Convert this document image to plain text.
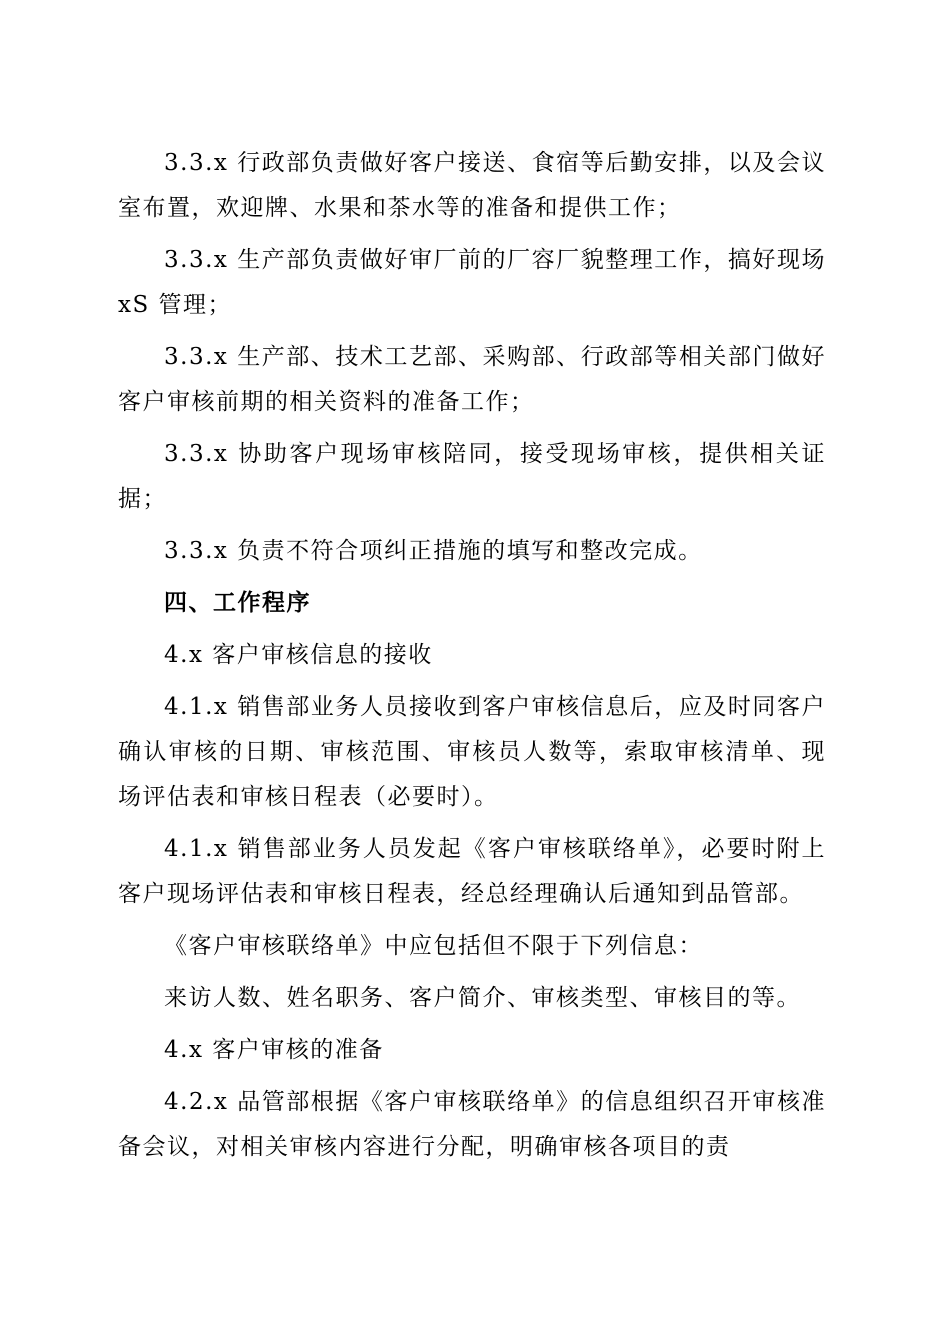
3.3.x 行政部负责做好客户接送、食宿等后勤安排，以及会议室布置，欢迎牌、水果和茶水等的准备和提供工作；

3.3.x 生产部负责做好审厂前的厂容厂貌整理工作，搞好现场 xS 管理；

3.3.x 生产部、技术工艺部、采购部、行政部等相关部门做好客户审核前期的相关资料的准备工作；

3.3.x 协助客户现场审核陪同，接受现场审核，提供相关证据；

3.3.x 负责不符合项纠正措施的填写和整改完成。

四、工作程序

4.x 客户审核信息的接收

4.1.x 销售部业务人员接收到客户审核信息后，应及时同客户确认审核的日期、审核范围、审核员人数等，索取审核清单、现场评估表和审核日程表（必要时）。

4.1.x 销售部业务人员发起《客户审核联络单》，必要时附上客户现场评估表和审核日程表，经总经理确认后通知到品管部。

《客户审核联络单》中应包括但不限于下列信息：

来访人数、姓名职务、客户简介、审核类型、审核目的等。

4.x 客户审核的准备

4.2.x 品管部根据《客户审核联络单》的信息组织召开审核准备会议，对相关审核内容进行分配，明确审核各项目的责
